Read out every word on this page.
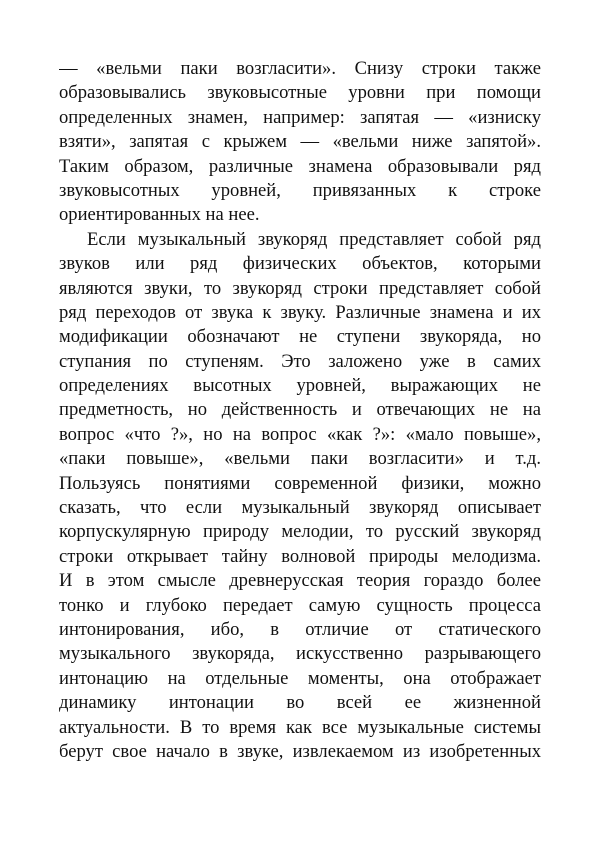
— «вельми паки возгласити». Снизу строки также
образовывались звуковысотные уровни при помощи
определенных знамен, например: запятая — «изниску
взяти», запятая с крыжем — «вельми ниже запятой».
Таким образом, различные знамена образовывали ряд
звуковысотных уровней, привязанных к строке
ориентированных на нее.
Если музыкальный звукоряд представляет собой ряд
звуков или ряд физических объектов, которыми
являются звуки, то звукоряд строки представляет собой
ряд переходов от звука к звуку. Различные знамена и их
модификации обозначают не ступени звукоряда, но
ступания по ступеням. Это заложено уже в самих
определениях высотных уровней, выражающих не
предметность, но действенность и отвечающих не на
вопрос «что ?», но на вопрос «как ?»: «мало повыше»,
«паки повыше», «вельми паки возгласити» и т.д.
Пользуясь понятиями современной физики, можно
сказать, что если музыкальный звукоряд описывает
корпускулярную природу мелодии, то русский звукоряд
строки открывает тайну волновой природы мелодизма.
И в этом смысле древнерусская теория гораздо более
тонко и глубоко передает самую сущность процесса
интонирования, ибо, в отличие от статического
музыкального звукоряда, искусственно разрывающего
интонацию на отдельные моменты, она отображает
динамику интонации во всей ее жизненной
актуальности. В то время как все музыкальные системы
берут свое начало в звуке, извлекаемом из изобретенных
